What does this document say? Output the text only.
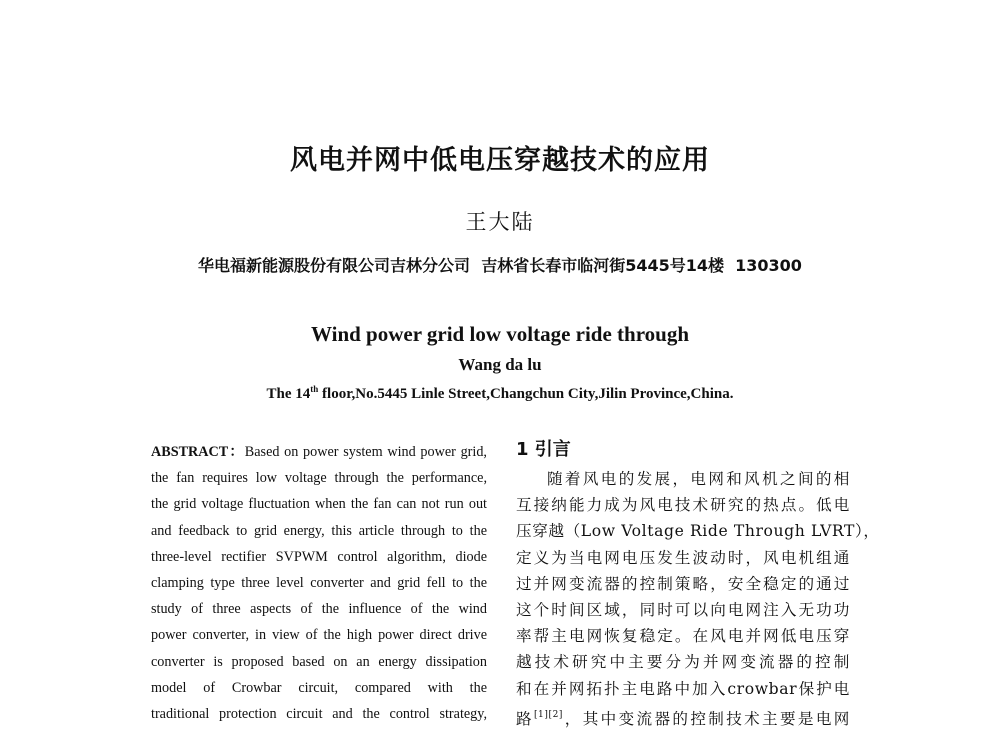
风电并网中低电压穿越技术的应用
王大陆
华电福新能源股份有限公司吉林分公司  吉林省长春市临河街5445号14楼  130300
Wind power grid low voltage ride through
Wang da lu
The 14th floor,No.5445 Linle Street,Changchun City,Jilin Province,China.
ABSTRACT：Based on power system wind power grid,
the fan requires low voltage through the performance,
the grid voltage fluctuation when the fan can not run out
and feedback to grid energy, this article through to the
three-level rectifier SVPWM control algorithm, diode
clamping type three level converter and grid fell to the
study of three aspects of the influence of the wind
power converter, in view of the high power direct drive
converter is proposed based on an energy dissipation
model of Crowbar circuit, compared with the
traditional protection circuit and the control strategy,
1 引言
随着风电的发展，电网和风机之间的相
互接纳能力成为风电技术研究的热点。低电
压穿越（Low Voltage Ride Through LVRT），
定义为当电网电压发生波动时，风电机组通
过并网变流器的控制策略，安全稳定的通过
这个时间区域，同时可以向电网注入无功功
率帮主电网恢复稳定。在风电并网低电压穿
越技术研究中主要分为并网变流器的控制
和在并网拓扑主电路中加入crowbar保护电
路[1][2]，其中变流器的控制技术主要是电网
